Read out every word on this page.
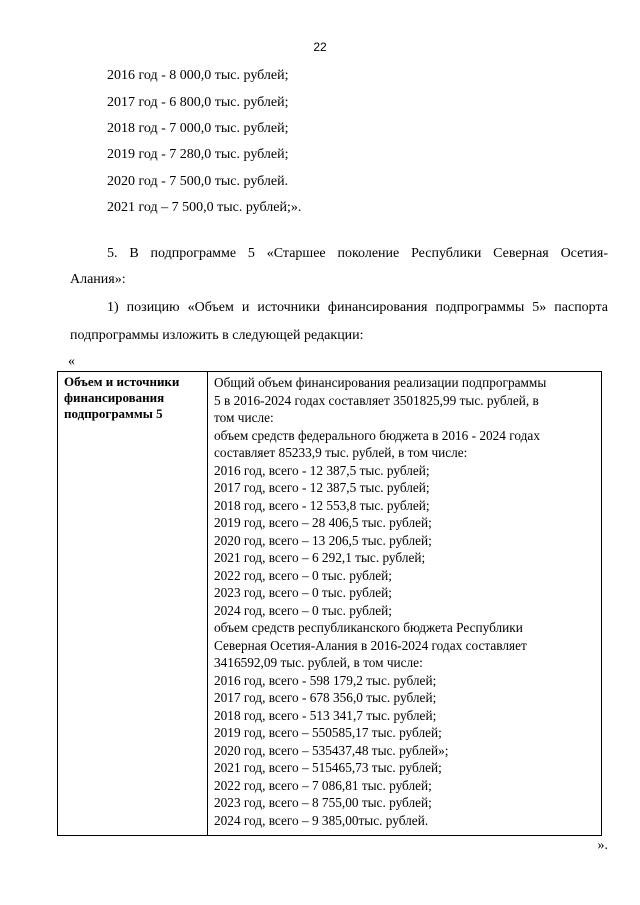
22
2016 год - 8 000,0 тыс. рублей;
2017 год - 6 800,0 тыс. рублей;
2018 год - 7 000,0 тыс. рублей;
2019 год - 7 280,0 тыс. рублей;
2020 год - 7 500,0 тыс. рублей.
2021 год – 7 500,0 тыс. рублей;».
5. В подпрограмме 5 «Старшее поколение Республики Северная Осетия-
Алания»:
1) позицию «Объем и источники финансирования подпрограммы 5» паспорта
подпрограммы изложить в следующей редакции:
«
Объем и источники
финансирования
подпрограммы 5
Общий объем финансирования реализации подпрограммы
5 в 2016-2024 годах составляет 3501825,99 тыс. рублей, в
том числе:
объем средств федерального бюджета в 2016 - 2024 годах
составляет 85233,9 тыс. рублей, в том числе:
2016 год, всего - 12 387,5 тыс. рублей;
2017 год, всего - 12 387,5 тыс. рублей;
2018 год, всего - 12 553,8 тыс. рублей;
2019 год, всего – 28 406,5 тыс. рублей;
2020 год, всего – 13 206,5 тыс. рублей;
2021 год, всего – 6 292,1 тыс. рублей;
2022 год, всего – 0 тыс. рублей;
2023 год, всего – 0 тыс. рублей;
2024 год, всего – 0 тыс. рублей;
объем средств республиканского бюджета Республики
Северная Осетия-Алания в 2016-2024 годах составляет
3416592,09 тыс. рублей, в том числе:
2016 год, всего - 598 179,2 тыс. рублей;
2017 год, всего - 678 356,0 тыс. рублей;
2018 год, всего - 513 341,7 тыс. рублей;
2019 год, всего – 550585,17 тыс. рублей;
2020 год, всего – 535437,48 тыс. рублей»;
2021 год, всего – 515465,73 тыс. рублей;
2022 год, всего – 7 086,81 тыс. рублей;
2023 год, всего – 8 755,00 тыс. рублей;
2024 год, всего – 9 385,00тыс. рублей.
».
